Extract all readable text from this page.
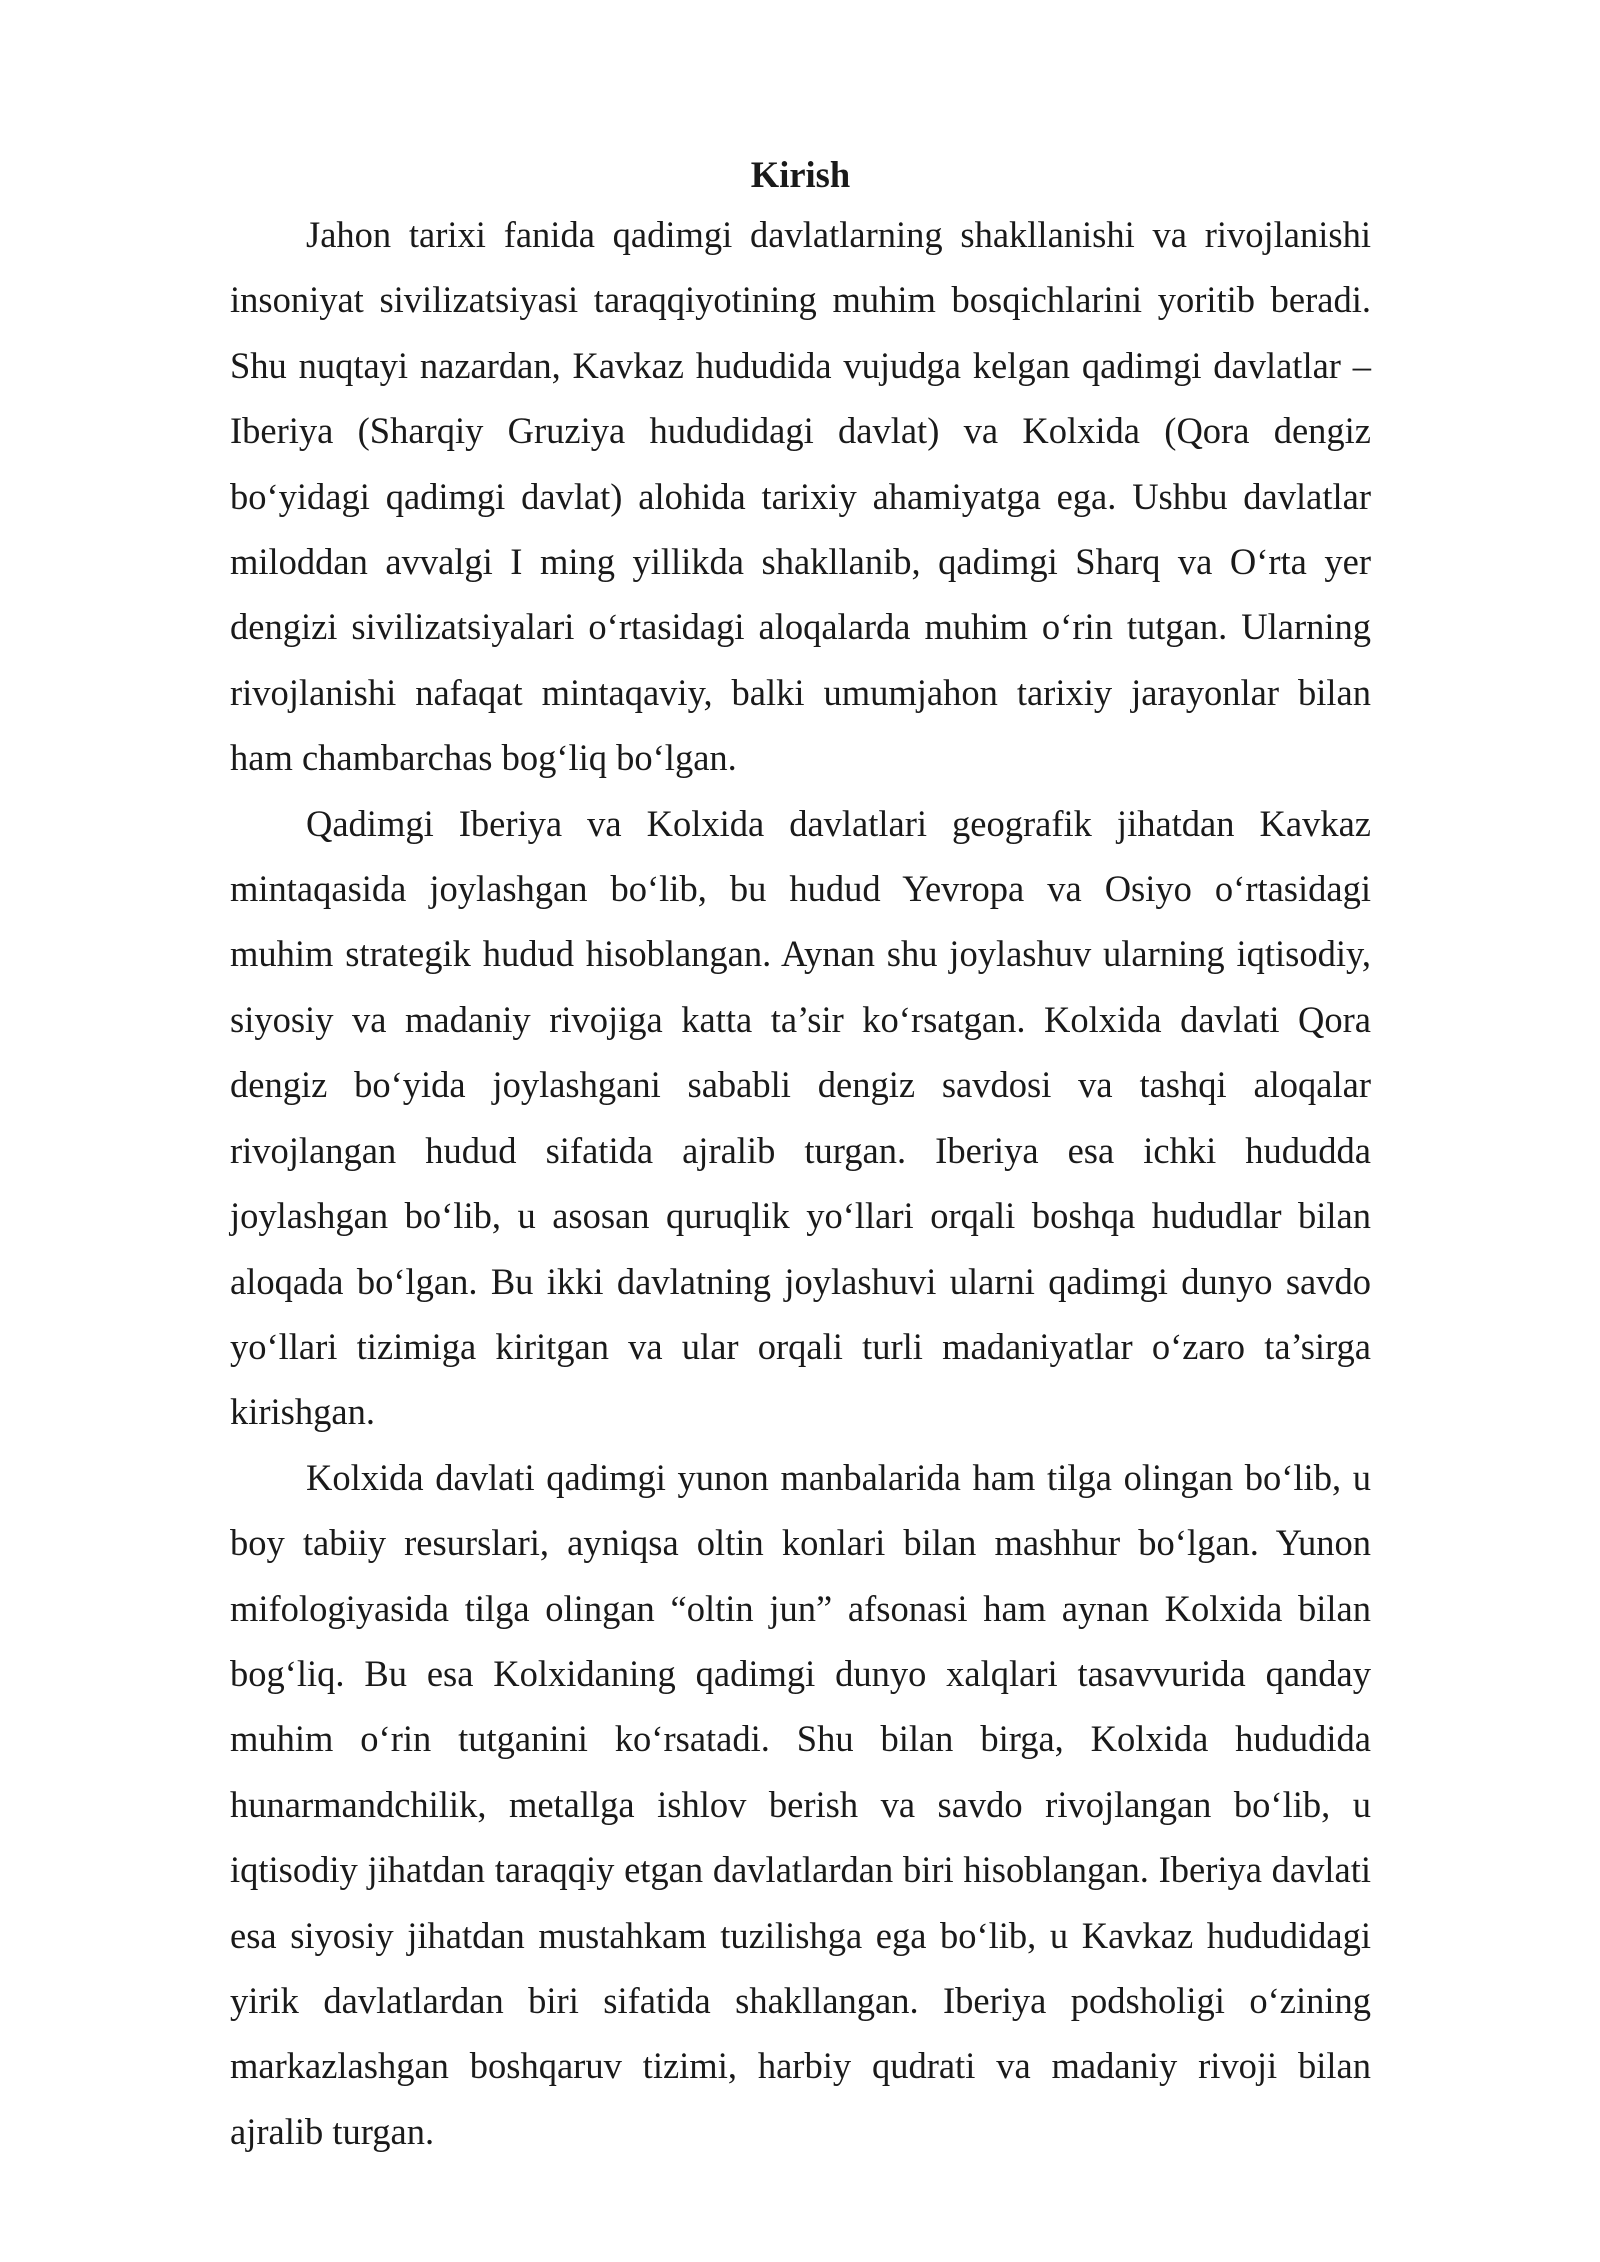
Kirish

Jahon tarixi fanida qadimgi davlatlarning shakllanishi va rivojlanishi insoniyat sivilizatsiyasi taraqqiyotining muhim bosqichlarini yoritib beradi. Shu nuqtayi nazardan, Kavkaz hududida vujudga kelgan qadimgi davlatlar – Iberiya (Sharqiy Gruziya hududidagi davlat) va Kolxida (Qora dengiz bo‘yidagi qadimgi davlat) alohida tarixiy ahamiyatga ega. Ushbu davlatlar miloddan avvalgi I ming yillikda shakllanib, qadimgi Sharq va O‘rta yer dengizi sivilizatsiyalari o‘rtasidagi aloqalarda muhim o‘rin tutgan. Ularning rivojlanishi nafaqat mintaqaviy, balki umumjahon tarixiy jarayonlar bilan ham chambarchas bog‘liq bo‘lgan.

Qadimgi Iberiya va Kolxida davlatlari geografik jihatdan Kavkaz mintaqasida joylashgan bo‘lib, bu hudud Yevropa va Osiyo o‘rtasidagi muhim strategik hudud hisoblangan. Aynan shu joylashuv ularning iqtisodiy, siyosiy va madaniy rivojiga katta ta’sir ko‘rsatgan. Kolxida davlati Qora dengiz bo‘yida joylashgani sababli dengiz savdosi va tashqi aloqalar rivojlangan hudud sifatida ajralib turgan. Iberiya esa ichki hududda joylashgan bo‘lib, u asosan quruqlik yo‘llari orqali boshqa hududlar bilan aloqada bo‘lgan. Bu ikki davlatning joylashuvi ularni qadimgi dunyo savdo yo‘llari tizimiga kiritgan va ular orqali turli madaniyatlar o‘zaro ta’sirga kirishgan.

Kolxida davlati qadimgi yunon manbalarida ham tilga olingan bo‘lib, u boy tabiiy resurslari, ayniqsa oltin konlari bilan mashhur bo‘lgan. Yunon mifologiyasida tilga olingan “oltin jun” afsonasi ham aynan Kolxida bilan bog‘liq. Bu esa Kolxidaning qadimgi dunyo xalqlari tasavvurida qanday muhim o‘rin tutganini ko‘rsatadi. Shu bilan birga, Kolxida hududida hunarmandchilik, metallga ishlov berish va savdo rivojlangan bo‘lib, u iqtisodiy jihatdan taraqqiy etgan davlatlardan biri hisoblangan. Iberiya davlati esa siyosiy jihatdan mustahkam tuzilishga ega bo‘lib, u Kavkaz hududidagi yirik davlatlardan biri sifatida shakllangan. Iberiya podsholigi o‘zining markazlashgan boshqaruv tizimi, harbiy qudrati va madaniy rivoji bilan ajralib turgan.
